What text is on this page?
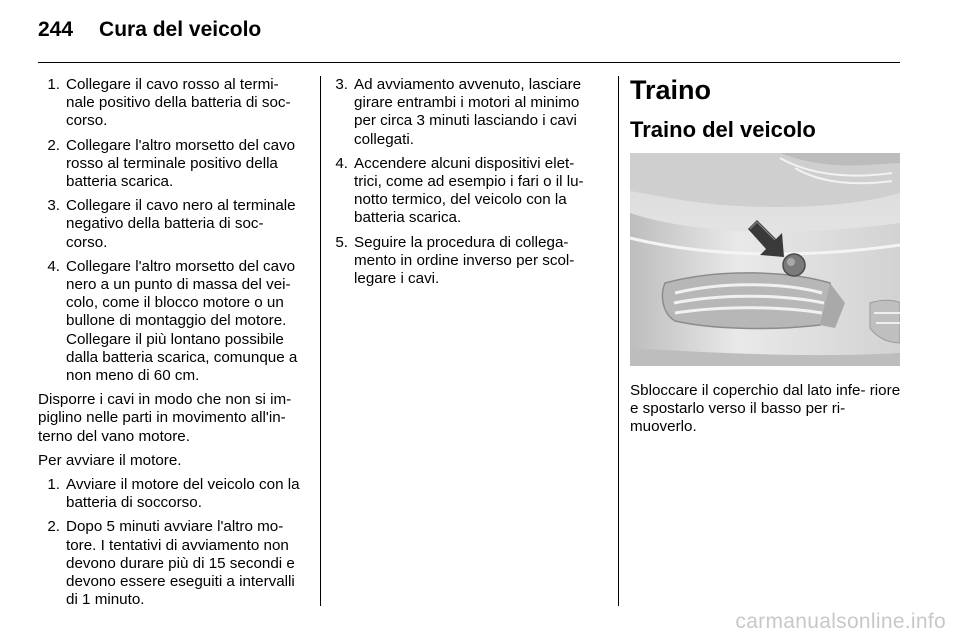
244 Cura del veicolo
1. Collegare il cavo rosso al termi- nale positivo della batteria di soc- corso.
2. Collegare l'altro morsetto del cavo rosso al terminale positivo della batteria scarica.
3. Collegare il cavo nero al terminale negativo della batteria di soc- corso.
4. Collegare l'altro morsetto del cavo nero a un punto di massa del vei- colo, come il blocco motore o un bullone di montaggio del motore. Collegare il più lontano possibile dalla batteria scarica, comunque a non meno di 60 cm.

Disporre i cavi in modo che non si im- piglino nelle parti in movimento all'in- terno del vano motore.

Per avviare il motore.

1. Avviare il motore del veicolo con la batteria di soccorso.
2. Dopo 5 minuti avviare l'altro mo- tore. I tentativi di avviamento non devono durare più di 15 secondi e devono essere eseguiti a intervalli di 1 minuto.
3. Ad avviamento avvenuto, lasciare girare entrambi i motori al minimo per circa 3 minuti lasciando i cavi collegati.
4. Accendere alcuni dispositivi elet- trici, come ad esempio i fari o il lu- notto termico, del veicolo con la batteria scarica.
5. Seguire la procedura di collega- mento in ordine inverso per scol- legare i cavi.
Traino
Traino del veicolo

Sbloccare il coperchio dal lato infe- riore e spostarlo verso il basso per ri- muoverlo.

carmanualsonline.info
